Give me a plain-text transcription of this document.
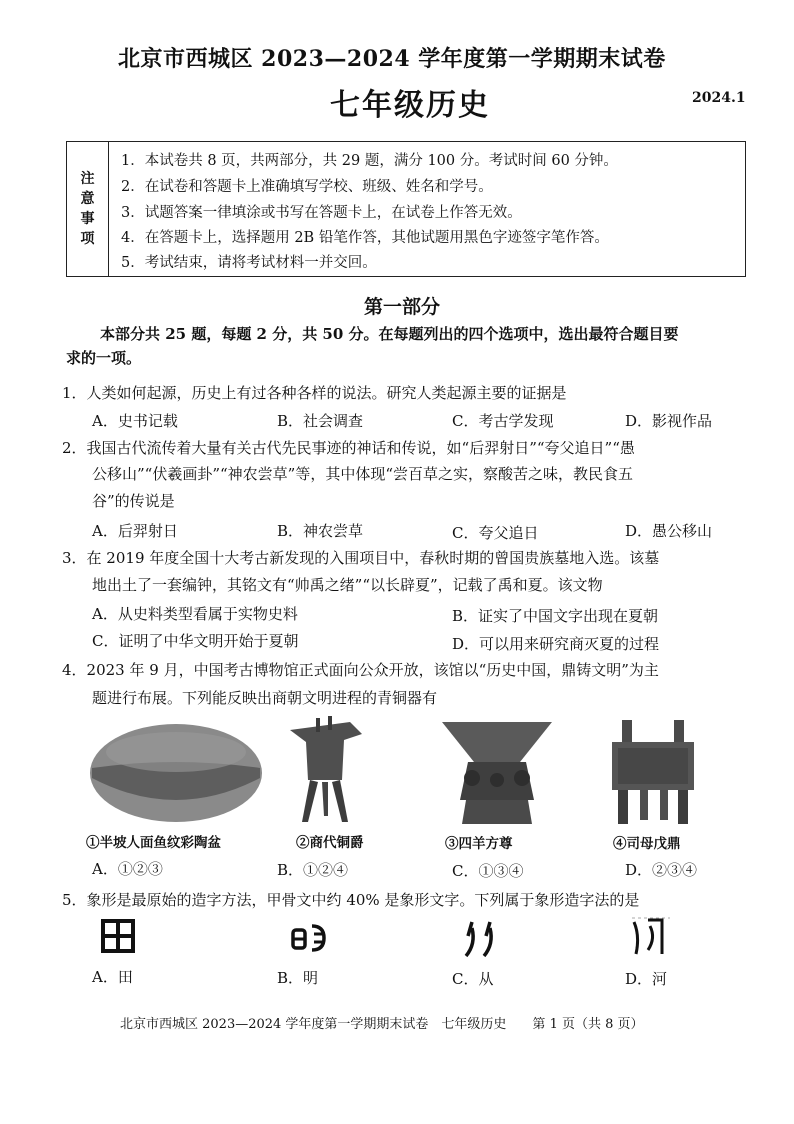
北京市西城区 2023—2024 学年度第一学期期末试卷
七年级历史	2024.1
注
意
事
项
1．本试卷共 8 页，共两部分，共 29 题，满分 100 分。考试时间 60 分钟。
2．在试卷和答题卡上准确填写学校、班级、姓名和学号。
3．试题答案一律填涂或书写在答题卡上，在试卷上作答无效。
4．在答题卡上，选择题用 2B 铅笔作答，其他试题用黑色字迹签字笔作答。
5．考试结束，请将考试材料一并交回。
第一部分
本部分共 25 题，每题 2 分，共 50 分。在每题列出的四个选项中，选出最符合题目要
求的一项。
1．人类如何起源，历史上有过各种各样的说法。研究人类起源主要的证据是
A．史书记载	B．社会调查	C．考古学发现	D．影视作品
2．我国古代流传着大量有关古代先民事迹的神话和传说，如“后羿射日”“夸父追日”“愚
公移山”“伏羲画卦”“神农尝草”等，其中体现“尝百草之实，察酸苦之味，教民食五
谷”的传说是
A．后羿射日	B．神农尝草	C．夸父追日	D．愚公移山
3．在 2019 年度全国十大考古新发现的入围项目中，春秋时期的曾国贵族墓地入选。该墓
地出土了一套编钟，其铭文有“帅禹之绪”“以长辟夏”，记载了禹和夏。该文物
A．从史料类型看属于实物史料	B．证实了中国文字出现在夏朝
C．证明了中华文明开始于夏朝	D．可以用来研究商灭夏的过程
4．2023 年 9 月，中国考古博物馆正式面向公众开放，该馆以“历史中国，鼎铸文明”为主
题进行布展。下列能反映出商朝文明进程的青铜器有
①半坡人面鱼纹彩陶盆	②商代铜爵	③四羊方尊	④司母戊鼎
A．①②③	B．①②④	C．①③④	D．②③④
5．象形是最原始的造字方法，甲骨文中约 40% 是象形文字。下列属于象形造字法的是
A．田	B．明	C．从	D．河
北京市西城区 2023—2024 学年度第一学期期末试卷　七年级历史　　第 1 页（共 8 页）
